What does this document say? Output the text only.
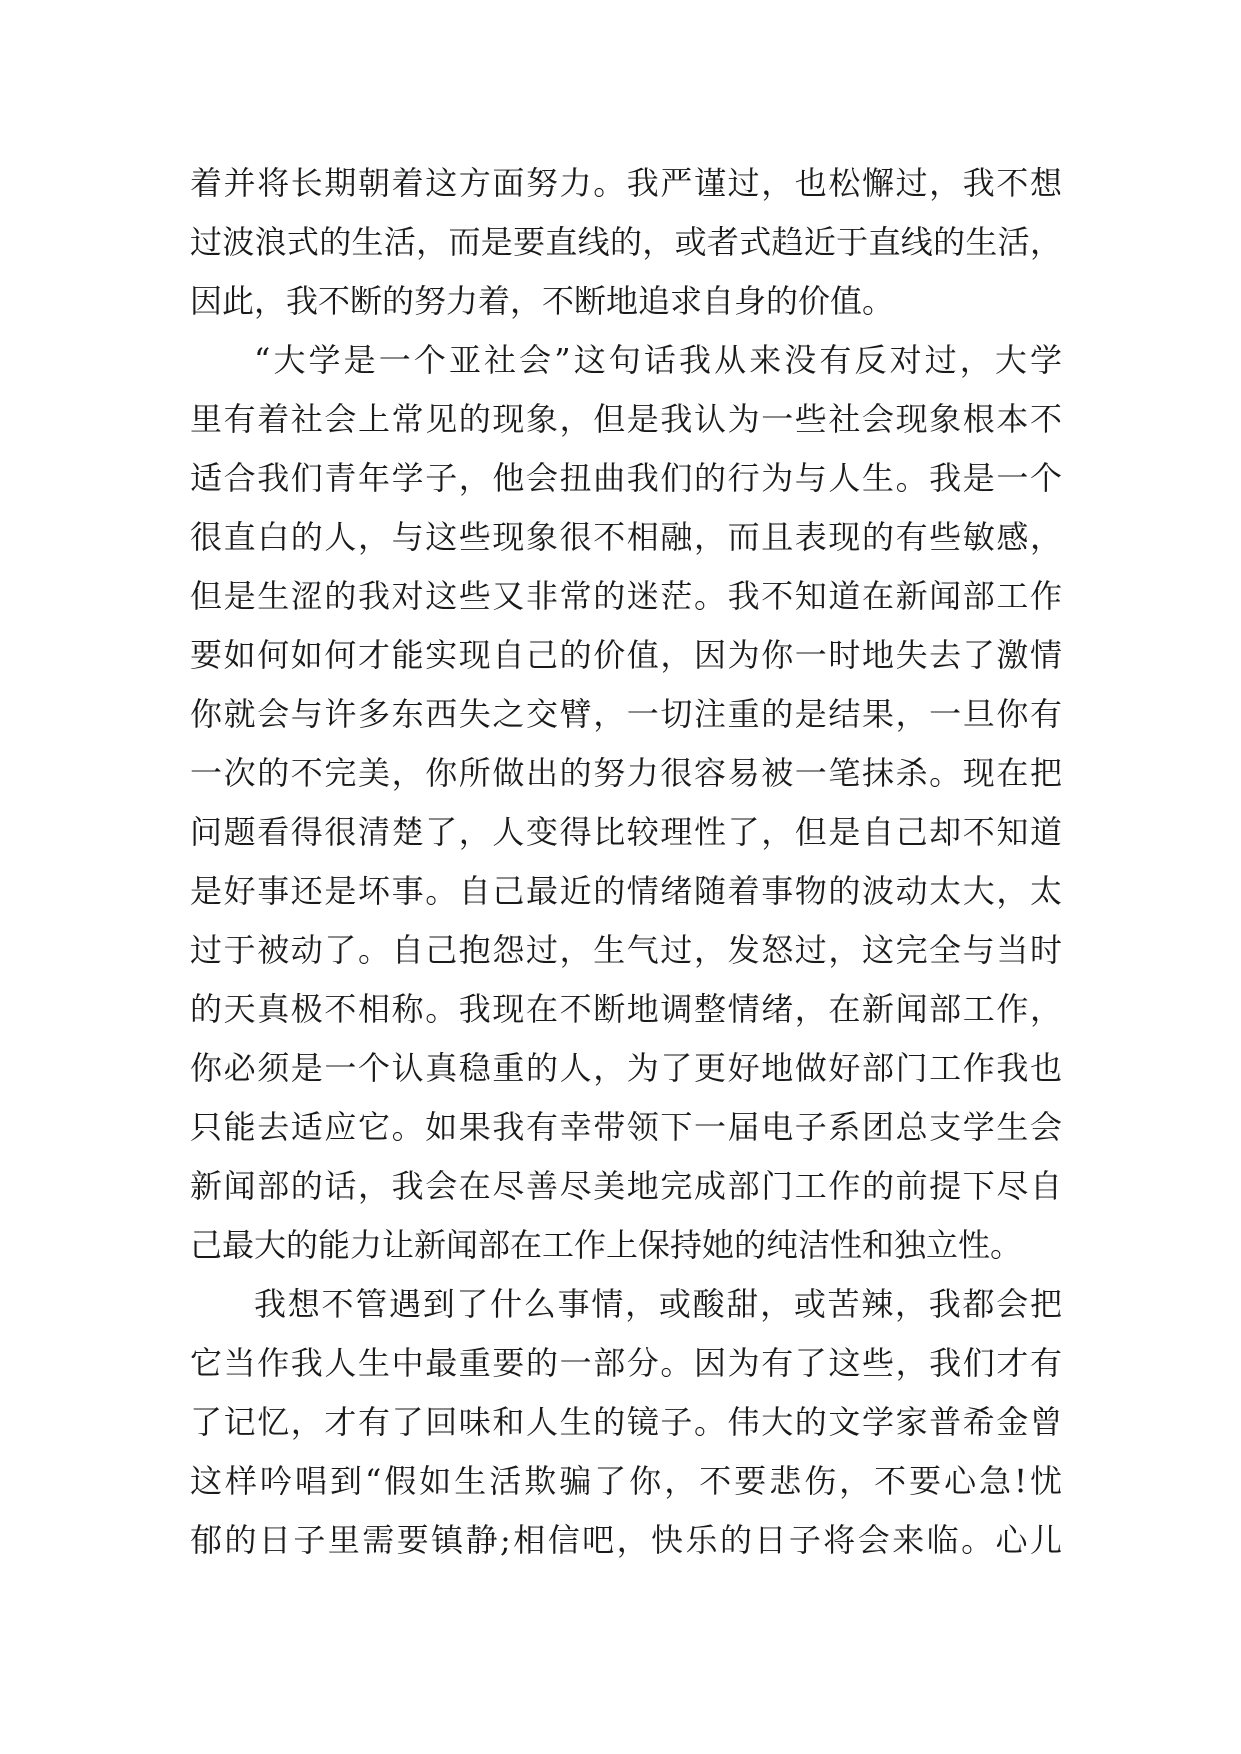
着并将长期朝着这方面努力。我严谨过，也松懈过，我不想
过波浪式的生活，而是要直线的，或者式趋近于直线的生活，
因此，我不断的努力着，不断地追求自身的价值。
“大学是一个亚社会”这句话我从来没有反对过，大学
里有着社会上常见的现象，但是我认为一些社会现象根本不
适合我们青年学子，他会扭曲我们的行为与人生。我是一个
很直白的人，与这些现象很不相融，而且表现的有些敏感，
但是生涩的我对这些又非常的迷茫。我不知道在新闻部工作
要如何如何才能实现自己的价值，因为你一时地失去了激情
你就会与许多东西失之交臂，一切注重的是结果，一旦你有
一次的不完美，你所做出的努力很容易被一笔抹杀。现在把
问题看得很清楚了，人变得比较理性了，但是自己却不知道
是好事还是坏事。自己最近的情绪随着事物的波动太大，太
过于被动了。自己抱怨过，生气过，发怒过，这完全与当时
的天真极不相称。我现在不断地调整情绪，在新闻部工作，
你必须是一个认真稳重的人，为了更好地做好部门工作我也
只能去适应它。如果我有幸带领下一届电子系团总支学生会
新闻部的话，我会在尽善尽美地完成部门工作的前提下尽自
己最大的能力让新闻部在工作上保持她的纯洁性和独立性。
我想不管遇到了什么事情，或酸甜，或苦辣，我都会把
它当作我人生中最重要的一部分。因为有了这些，我们才有
了记忆，才有了回味和人生的镜子。伟大的文学家普希金曾
这样吟唱到“假如生活欺骗了你，不要悲伤，不要心急!忧
郁的日子里需要镇静;相信吧，快乐的日子将会来临。心儿
